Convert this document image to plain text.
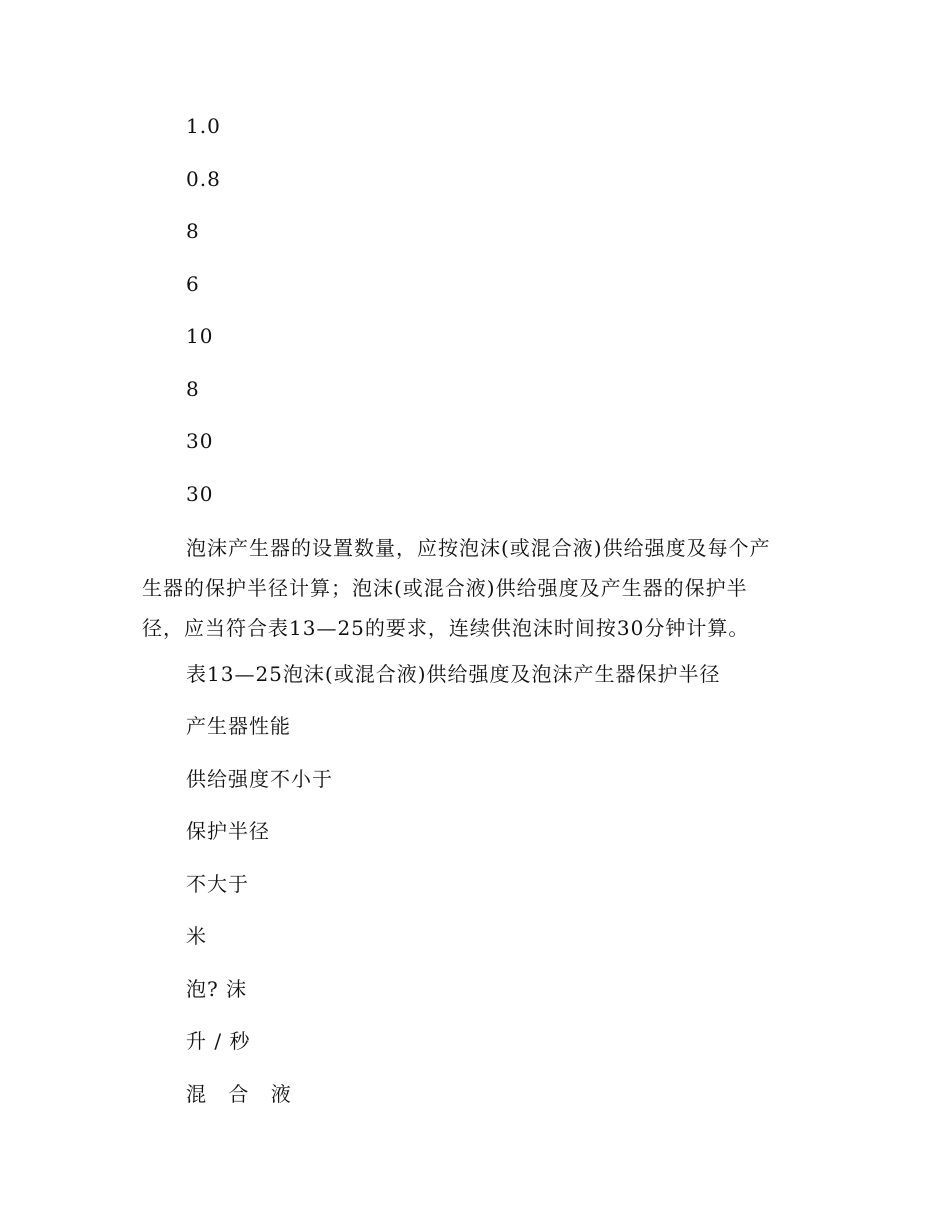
1.0

0.8

8

6

10

8

30

30

泡沫产生器的设置数量，应按泡沫(或混合液)供给强度及每个产
生器的保护半径计算；泡沫(或混合液)供给强度及产生器的保护半
径，应当符合表13—25的要求，连续供泡沫时间按30分钟计算。

表13—25泡沫(或混合液)供给强度及泡沫产生器保护半径

产生器性能

供给强度不小于

保护半径

不大于

米

泡? 沫

升 / 秒

混 合 液
